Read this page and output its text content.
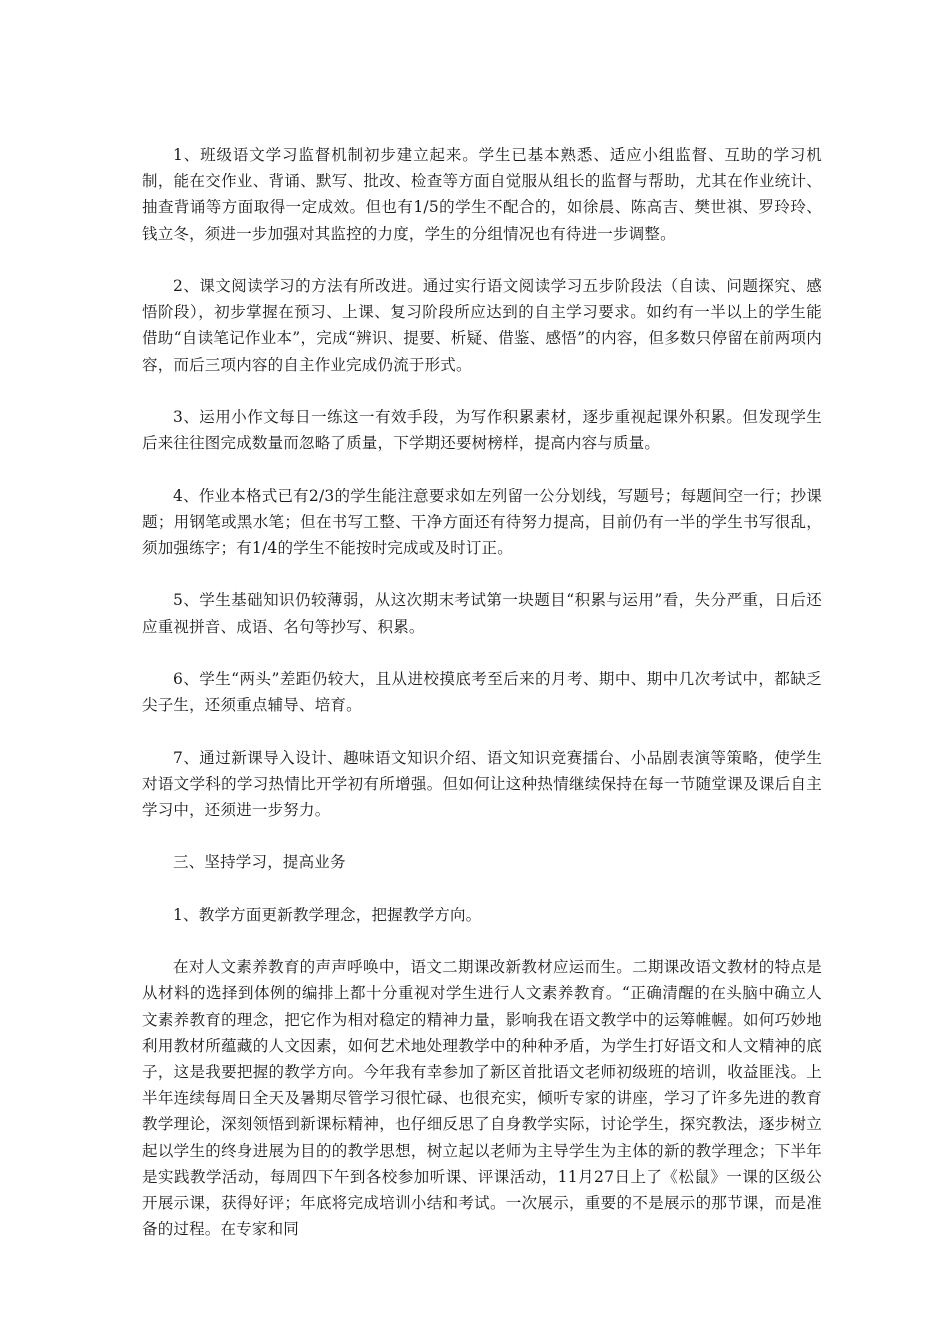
1、班级语文学习监督机制初步建立起来。学生已基本熟悉、适应小组监督、互助的学习机制，能在交作业、背诵、默写、批改、检查等方面自觉服从组长的监督与帮助，尤其在作业统计、抽查背诵等方面取得一定成效。但也有1/5的学生不配合的，如徐晨、陈高吉、樊世祺、罗玲玲、钱立冬，须进一步加强对其监控的力度，学生的分组情况也有待进一步调整。

2、课文阅读学习的方法有所改进。通过实行语文阅读学习五步阶段法（自读、问题探究、感悟阶段），初步掌握在预习、上课、复习阶段所应达到的自主学习要求。如约有一半以上的学生能借助“自读笔记作业本”，完成“辨识、提要、析疑、借鉴、感悟”的内容，但多数只停留在前两项内容，而后三项内容的自主作业完成仍流于形式。

3、运用小作文每日一练这一有效手段，为写作积累素材，逐步重视起课外积累。但发现学生后来往往图完成数量而忽略了质量，下学期还要树榜样，提高内容与质量。

4、作业本格式已有2/3的学生能注意要求如左列留一公分划线，写题号；每题间空一行；抄课题；用钢笔或黑水笔；但在书写工整、干净方面还有待努力提高，目前仍有一半的学生书写很乱，须加强练字；有1/4的学生不能按时完成或及时订正。

5、学生基础知识仍较薄弱，从这次期末考试第一块题目“积累与运用”看，失分严重，日后还应重视拼音、成语、名句等抄写、积累。

6、学生“两头”差距仍较大，且从进校摸底考至后来的月考、期中、期中几次考试中，都缺乏尖子生，还须重点辅导、培育。

7、通过新课导入设计、趣味语文知识介绍、语文知识竞赛擂台、小品剧表演等策略，使学生对语文学科的学习热情比开学初有所增强。但如何让这种热情继续保持在每一节随堂课及课后自主学习中，还须进一步努力。

三、坚持学习，提高业务

1、教学方面更新教学理念，把握教学方向。

在对人文素养教育的声声呼唤中，语文二期课改新教材应运而生。二期课改语文教材的特点是从材料的选择到体例的编排上都十分重视对学生进行人文素养教育。“正确清醒的在头脑中确立人文素养教育的理念，把它作为相对稳定的精神力量，影响我在语文教学中的运筹帷幄。如何巧妙地利用教材所蕴藏的人文因素，如何艺术地处理教学中的种种矛盾，为学生打好语文和人文精神的底子，这是我要把握的教学方向。今年我有幸参加了新区首批语文老师初级班的培训，收益匪浅。上半年连续每周日全天及暑期尽管学习很忙碌、也很充实，倾听专家的讲座，学习了许多先进的教育教学理论，深刻领悟到新课标精神，也仔细反思了自身教学实际，讨论学生，探究教法，逐步树立起以学生的终身进展为目的的教学思想，树立起以老师为主导学生为主体的新的教学理念；下半年是实践教学活动，每周四下午到各校参加听课、评课活动，11月27日上了《松鼠》一课的区级公开展示课，获得好评；年底将完成培训小结和考试。一次展示，重要的不是展示的那节课，而是准备的过程。在专家和同
